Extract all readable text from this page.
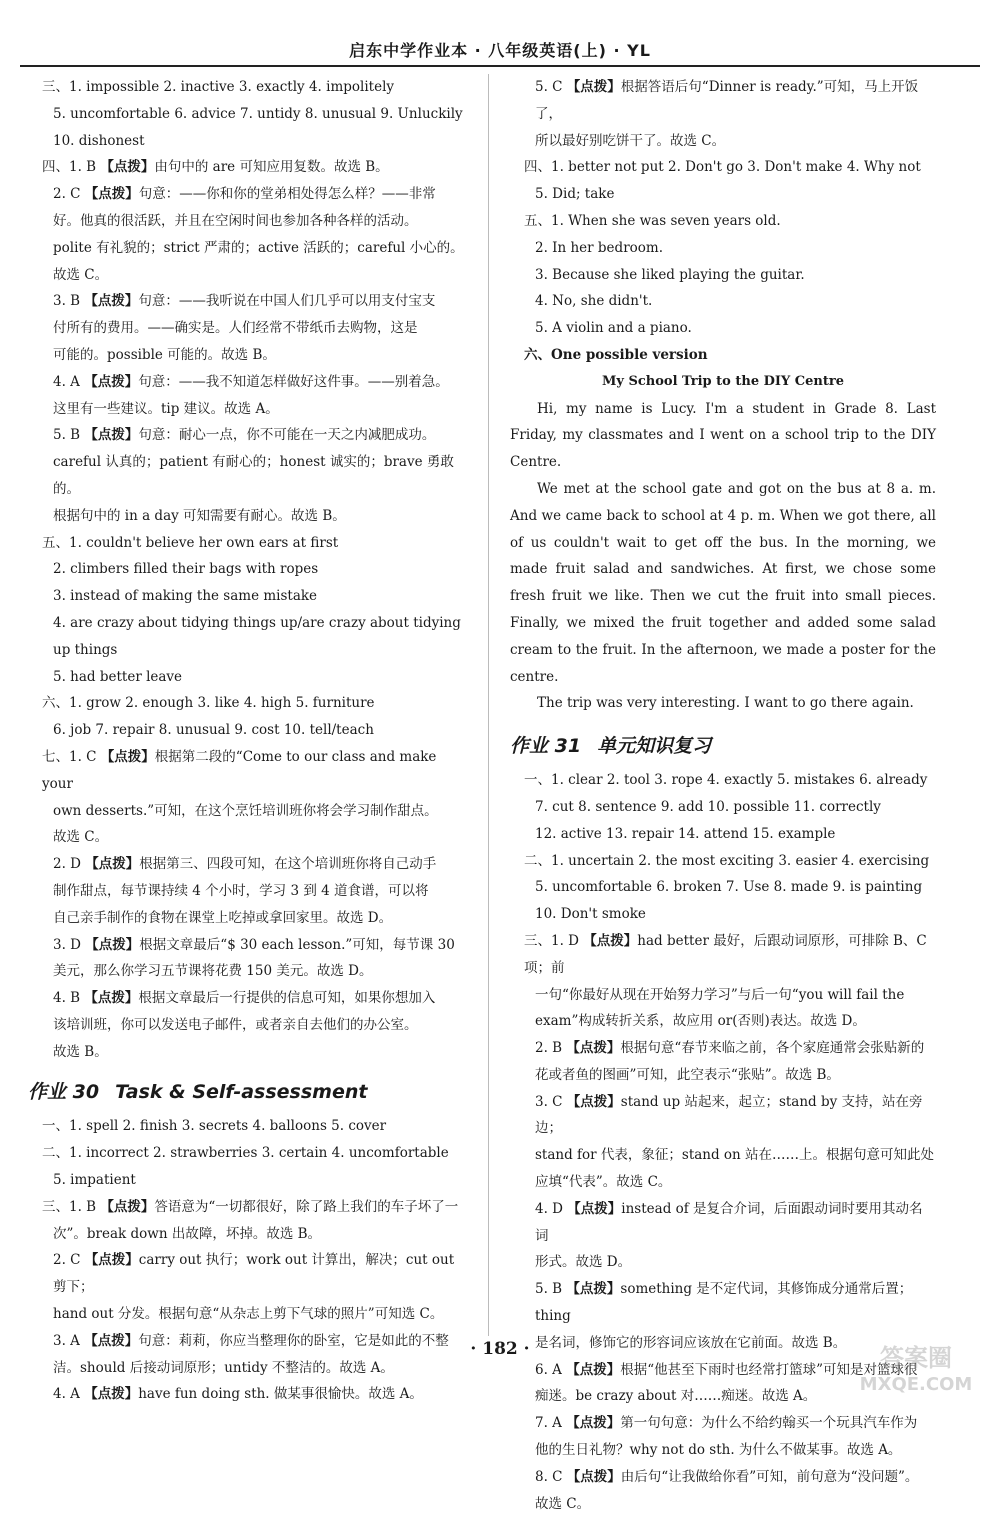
启东中学作业本 · 八年级英语(上) · YL
三、1. impossible 2. inactive 3. exactly 4. impolitely
5. uncomfortable 6. advice 7. untidy 8. unusual 9. Unluckily
10. dishonest
四、1. B 【点拨】由句中的 are 可知应用复数。故选 B。
2. C 【点拨】句意：——你和你的堂弟相处得怎么样？——非常
好。他真的很活跃，并且在空闲时间也参加各种各样的活动。
polite 有礼貌的；strict 严肃的；active 活跃的；careful 小心的。
故选 C。
3. B 【点拨】句意：——我听说在中国人们几乎可以用支付宝支
付所有的费用。——确实是。人们经常不带纸币去购物，这是
可能的。possible 可能的。故选 B。
4. A 【点拨】句意：——我不知道怎样做好这件事。——别着急。
这里有一些建议。tip 建议。故选 A。
5. B 【点拨】句意：耐心一点，你不可能在一天之内减肥成功。
careful 认真的；patient 有耐心的；honest 诚实的；brave 勇敢的。
根据句中的 in a day 可知需要有耐心。故选 B。
五、1. couldn't believe her own ears at first
2. climbers filled their bags with ropes
3. instead of making the same mistake
4. are crazy about tidying things up/are crazy about tidying
up things
5. had better leave
六、1. grow 2. enough 3. like 4. high 5. furniture
6. job 7. repair 8. unusual 9. cost 10. tell/teach
七、1. C 【点拨】根据第二段的“Come to our class and make your
own desserts.”可知，在这个烹饪培训班你将会学习制作甜点。
故选 C。
2. D 【点拨】根据第三、四段可知，在这个培训班你将自己动手
制作甜点，每节课持续 4 个小时，学习 3 到 4 道食谱，可以将
自己亲手制作的食物在课堂上吃掉或拿回家里。故选 D。
3. D 【点拨】根据文章最后“$ 30 each lesson.”可知，每节课 30
美元，那么你学习五节课将花费 150 美元。故选 D。
4. B 【点拨】根据文章最后一行提供的信息可知，如果你想加入
该培训班，你可以发送电子邮件，或者亲自去他们的办公室。
故选 B。
作业 30 Task & Self-assessment
一、1. spell 2. finish 3. secrets 4. balloons 5. cover
二、1. incorrect 2. strawberries 3. certain 4. uncomfortable
5. impatient
三、1. B 【点拨】答语意为“一切都很好，除了路上我们的车子坏了一
次”。break down 出故障，坏掉。故选 B。
2. C 【点拨】carry out 执行；work out 计算出，解决；cut out 剪下；
hand out 分发。根据句意“从杂志上剪下气球的照片”可知选 C。
3. A 【点拨】句意：莉莉，你应当整理你的卧室，它是如此的不整
洁。should 后接动词原形；untidy 不整洁的。故选 A。
4. A 【点拨】have fun doing sth. 做某事很愉快。故选 A。
5. C 【点拨】根据答语后句“Dinner is ready.”可知，马上开饭了，
所以最好别吃饼干了。故选 C。
四、1. better not put 2. Don't go 3. Don't make 4. Why not
5. Did; take
五、1. When she was seven years old.
2. In her bedroom.
3. Because she liked playing the guitar.
4. No, she didn't.
5. A violin and a piano.
六、One possible version
My School Trip to the DIY Centre
Hi, my name is Lucy. I'm a student in Grade 8. Last Friday, my classmates and I went on a school trip to the DIY Centre.
We met at the school gate and got on the bus at 8 a. m. And we came back to school at 4 p. m. When we got there, all of us couldn't wait to get off the bus. In the morning, we made fruit salad and sandwiches. At first, we chose some fresh fruit we like. Then we cut the fruit into small pieces. Finally, we mixed the fruit together and added some salad cream to the fruit. In the afternoon, we made a poster for the centre.
The trip was very interesting. I want to go there again.
作业 31 单元知识复习
一、1. clear 2. tool 3. rope 4. exactly 5. mistakes 6. already
7. cut 8. sentence 9. add 10. possible 11. correctly
12. active 13. repair 14. attend 15. example
二、1. uncertain 2. the most exciting 3. easier 4. exercising
5. uncomfortable 6. broken 7. Use 8. made 9. is painting
10. Don't smoke
三、1. D 【点拨】had better 最好，后跟动词原形，可排除 B、C 项；前
一句“你最好从现在开始努力学习”与后一句“you will fail the
exam”构成转折关系，故应用 or(否则)表达。故选 D。
2. B 【点拨】根据句意“春节来临之前，各个家庭通常会张贴新的
花或者鱼的图画”可知，此空表示“张贴”。故选 B。
3. C 【点拨】stand up 站起来，起立；stand by 支持，站在旁边；
stand for 代表，象征；stand on 站在……上。根据句意可知此处
应填“代表”。故选 C。
4. D 【点拨】instead of 是复合介词，后面跟动词时要用其动名词
形式。故选 D。
5. B 【点拨】something 是不定代词，其修饰成分通常后置；thing
是名词，修饰它的形容词应该放在它前面。故选 B。
6. A 【点拨】根据“他甚至下雨时也经常打篮球”可知是对篮球很
痴迷。be crazy about 对……痴迷。故选 A。
7. A 【点拨】第一句句意：为什么不给约翰买一个玩具汽车作为
他的生日礼物？why not do sth. 为什么不做某事。故选 A。
8. C 【点拨】由后句“让我做给你看”可知，前句意为“没问题”。
故选 C。
· 182 ·	答案圈
MXQE.COM
